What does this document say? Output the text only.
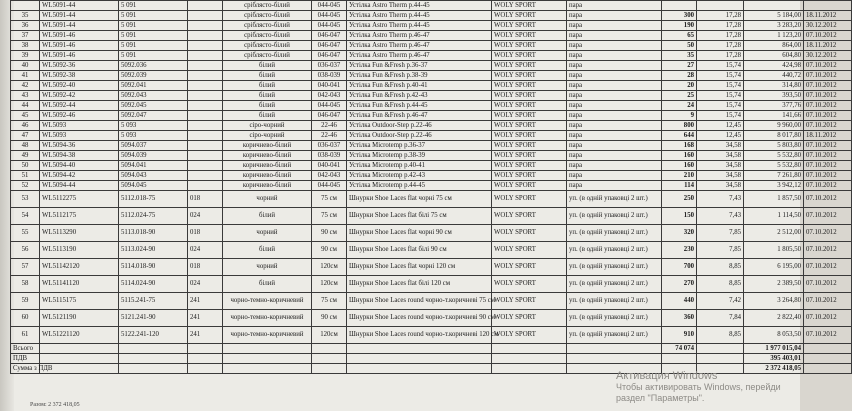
	WL5091-44	5 091		сріблясто-білий	044-045	Устілка Astro Therm р.44-45	WOLY SPORT	пара				
35	WL5091-44	5 091		сріблясто-білий	044-045	Устілка Astro Therm р.44-45	WOLY SPORT	пара	300	17,28	5 184,00	18.11.2012
36	WL5091-44	5 091		сріблясто-білий	044-045	Устілка Astro Therm р.44-45	WOLY SPORT	пара	190	17,28	3 283,20	30.12.2012
37	WL5091-46	5 091		сріблясто-білий	046-047	Устілка Astro Therm р.46-47	WOLY SPORT	пара	65	17,28	1 123,20	07.10.2012
38	WL5091-46	5 091		сріблясто-білий	046-047	Устілка Astro Therm р.46-47	WOLY SPORT	пара	50	17,28	864,00	18.11.2012
39	WL5091-46	5 091		сріблясто-білий	046-047	Устілка Astro Therm р.46-47	WOLY SPORT	пара	35	17,28	604,80	30.12.2012
40	WL5092-36	5092.036		білий	036-037	Устілка Fun &Fresh р.36-37	WOLY SPORT	пара	27	15,74	424,98	07.10.2012
41	WL5092-38	5092.039		білий	038-039	Устілка Fun &Fresh р.38-39	WOLY SPORT	пара	28	15,74	440,72	07.10.2012
42	WL5092-40	5092.041		білий	040-041	Устілка Fun &Fresh р.40-41	WOLY SPORT	пара	20	15,74	314,80	07.10.2012
43	WL5092-42	5092.043		білий	042-043	Устілка Fun &Fresh р.42-43	WOLY SPORT	пара	25	15,74	393,50	07.10.2012
44	WL5092-44	5092.045		білий	044-045	Устілка Fun &Fresh р.44-45	WOLY SPORT	пара	24	15,74	377,76	07.10.2012
45	WL5092-46	5092.047		білий	046-047	Устілка Fun &Fresh р.46-47	WOLY SPORT	пара	9	15,74	141,66	07.10.2012
46	WL5093	5 093		сіро-чорний	22-46	Устілка Outdoor-Step р.22-46	WOLY SPORT	пара	800	12,45	9 960,00	07.10.2012
47	WL5093	5 093		сіро-чорний	22-46	Устілка Outdoor-Step р.22-46	WOLY SPORT	пара	644	12,45	8 017,80	18.11.2012
48	WL5094-36	5094.037		коричнево-білий	036-037	Устілка Microtemp р.36-37	WOLY SPORT	пара	168	34,58	5 803,80	07.10.2012
49	WL5094-38	5094.039		коричнево-білий	038-039	Устілка Microtemp р.38-39	WOLY SPORT	пара	160	34,58	5 532,80	07.10.2012
50	WL5094-40	5094.041		коричнево-білий	040-041	Устілка Microtemp р.40-41	WOLY SPORT	пара	160	34,58	5 532,80	07.10.2012
51	WL5094-42	5094.043		коричнево-білий	042-043	Устілка Microtemp р.42-43	WOLY SPORT	пара	210	34,58	7 261,80	07.10.2012
52	WL5094-44	5094.045		коричнево-білий	044-045	Устілка Microtemp р.44-45	WOLY SPORT	пара	114	34,58	3 942,12	07.10.2012
53	WL5112275	5112.018-75	018	чорний	75 см	Шнурки Shoe Laces flat чорні 75 см	WOLY SPORT	уп. (в одній упаковці 2 шт.)	250	7,43	1 857,50	07.10.2012
54	WL5112175	5112.024-75	024	білий	75 см	Шнурки Shoe Laces flat білі 75 см	WOLY SPORT	уп. (в одній упаковці 2 шт.)	150	7,43	1 114,50	07.10.2012
55	WL5113290	5113.018-90	018	чорний	90 см	Шнурки Shoe Laces flat чорні 90 см	WOLY SPORT	уп. (в одній упаковці 2 шт.)	320	7,85	2 512,00	07.10.2012
56	WL5113190	5113.024-90	024	білий	90 см	Шнурки Shoe Laces flat білі 90 см	WOLY SPORT	уп. (в одній упаковці 2 шт.)	230	7,85	1 805,50	07.10.2012
57	WL51142120	5114.018-90	018	чорний	120см	Шнурки Shoe Laces flat чорні 120 см	WOLY SPORT	уп. (в одній упаковці 2 шт.)	700	8,85	6 195,00	07.10.2012
58	WL51141120	5114.024-90	024	білий	120см	Шнурки Shoe Laces flat білі 120 см	WOLY SPORT	уп. (в одній упаковці 2 шт.)	270	8,85	2 389,50	07.10.2012
59	WL5115175	5115.241-75	241	чорно-темно-коричневий	75 см	Шнурки Shoe Laces round чорно-т.коричневі 75 см	WOLY SPORT	уп. (в одній упаковці 2 шт.)	440	7,42	3 264,80	07.10.2012
60	WL5121190	5121.241-90	241	чорно-темно-коричневий	90 см	Шнурки Shoe Laces round чорно-т.коричневі 90 см	WOLY SPORT	уп. (в одній упаковці 2 шт.)	360	7,84	2 822,40	07.10.2012
61	WL51221120	5122.241-120	241	чорно-темно-коричневий	120см	Шнурки Shoe Laces round чорно-т.коричневі 120 см	WOLY SPORT	уп. (в одній упаковці 2 шт.)	910	8,85	8 053,50	07.10.2012
Всього									74 074		1 977 015,04	
ПДВ											395 403,01	
Сумма з ПДВ											2 372 418,05	
Разом: 2 372 418,05
Активация Windows
Чтобы активировать Windows, перейди
раздел "Параметры".
